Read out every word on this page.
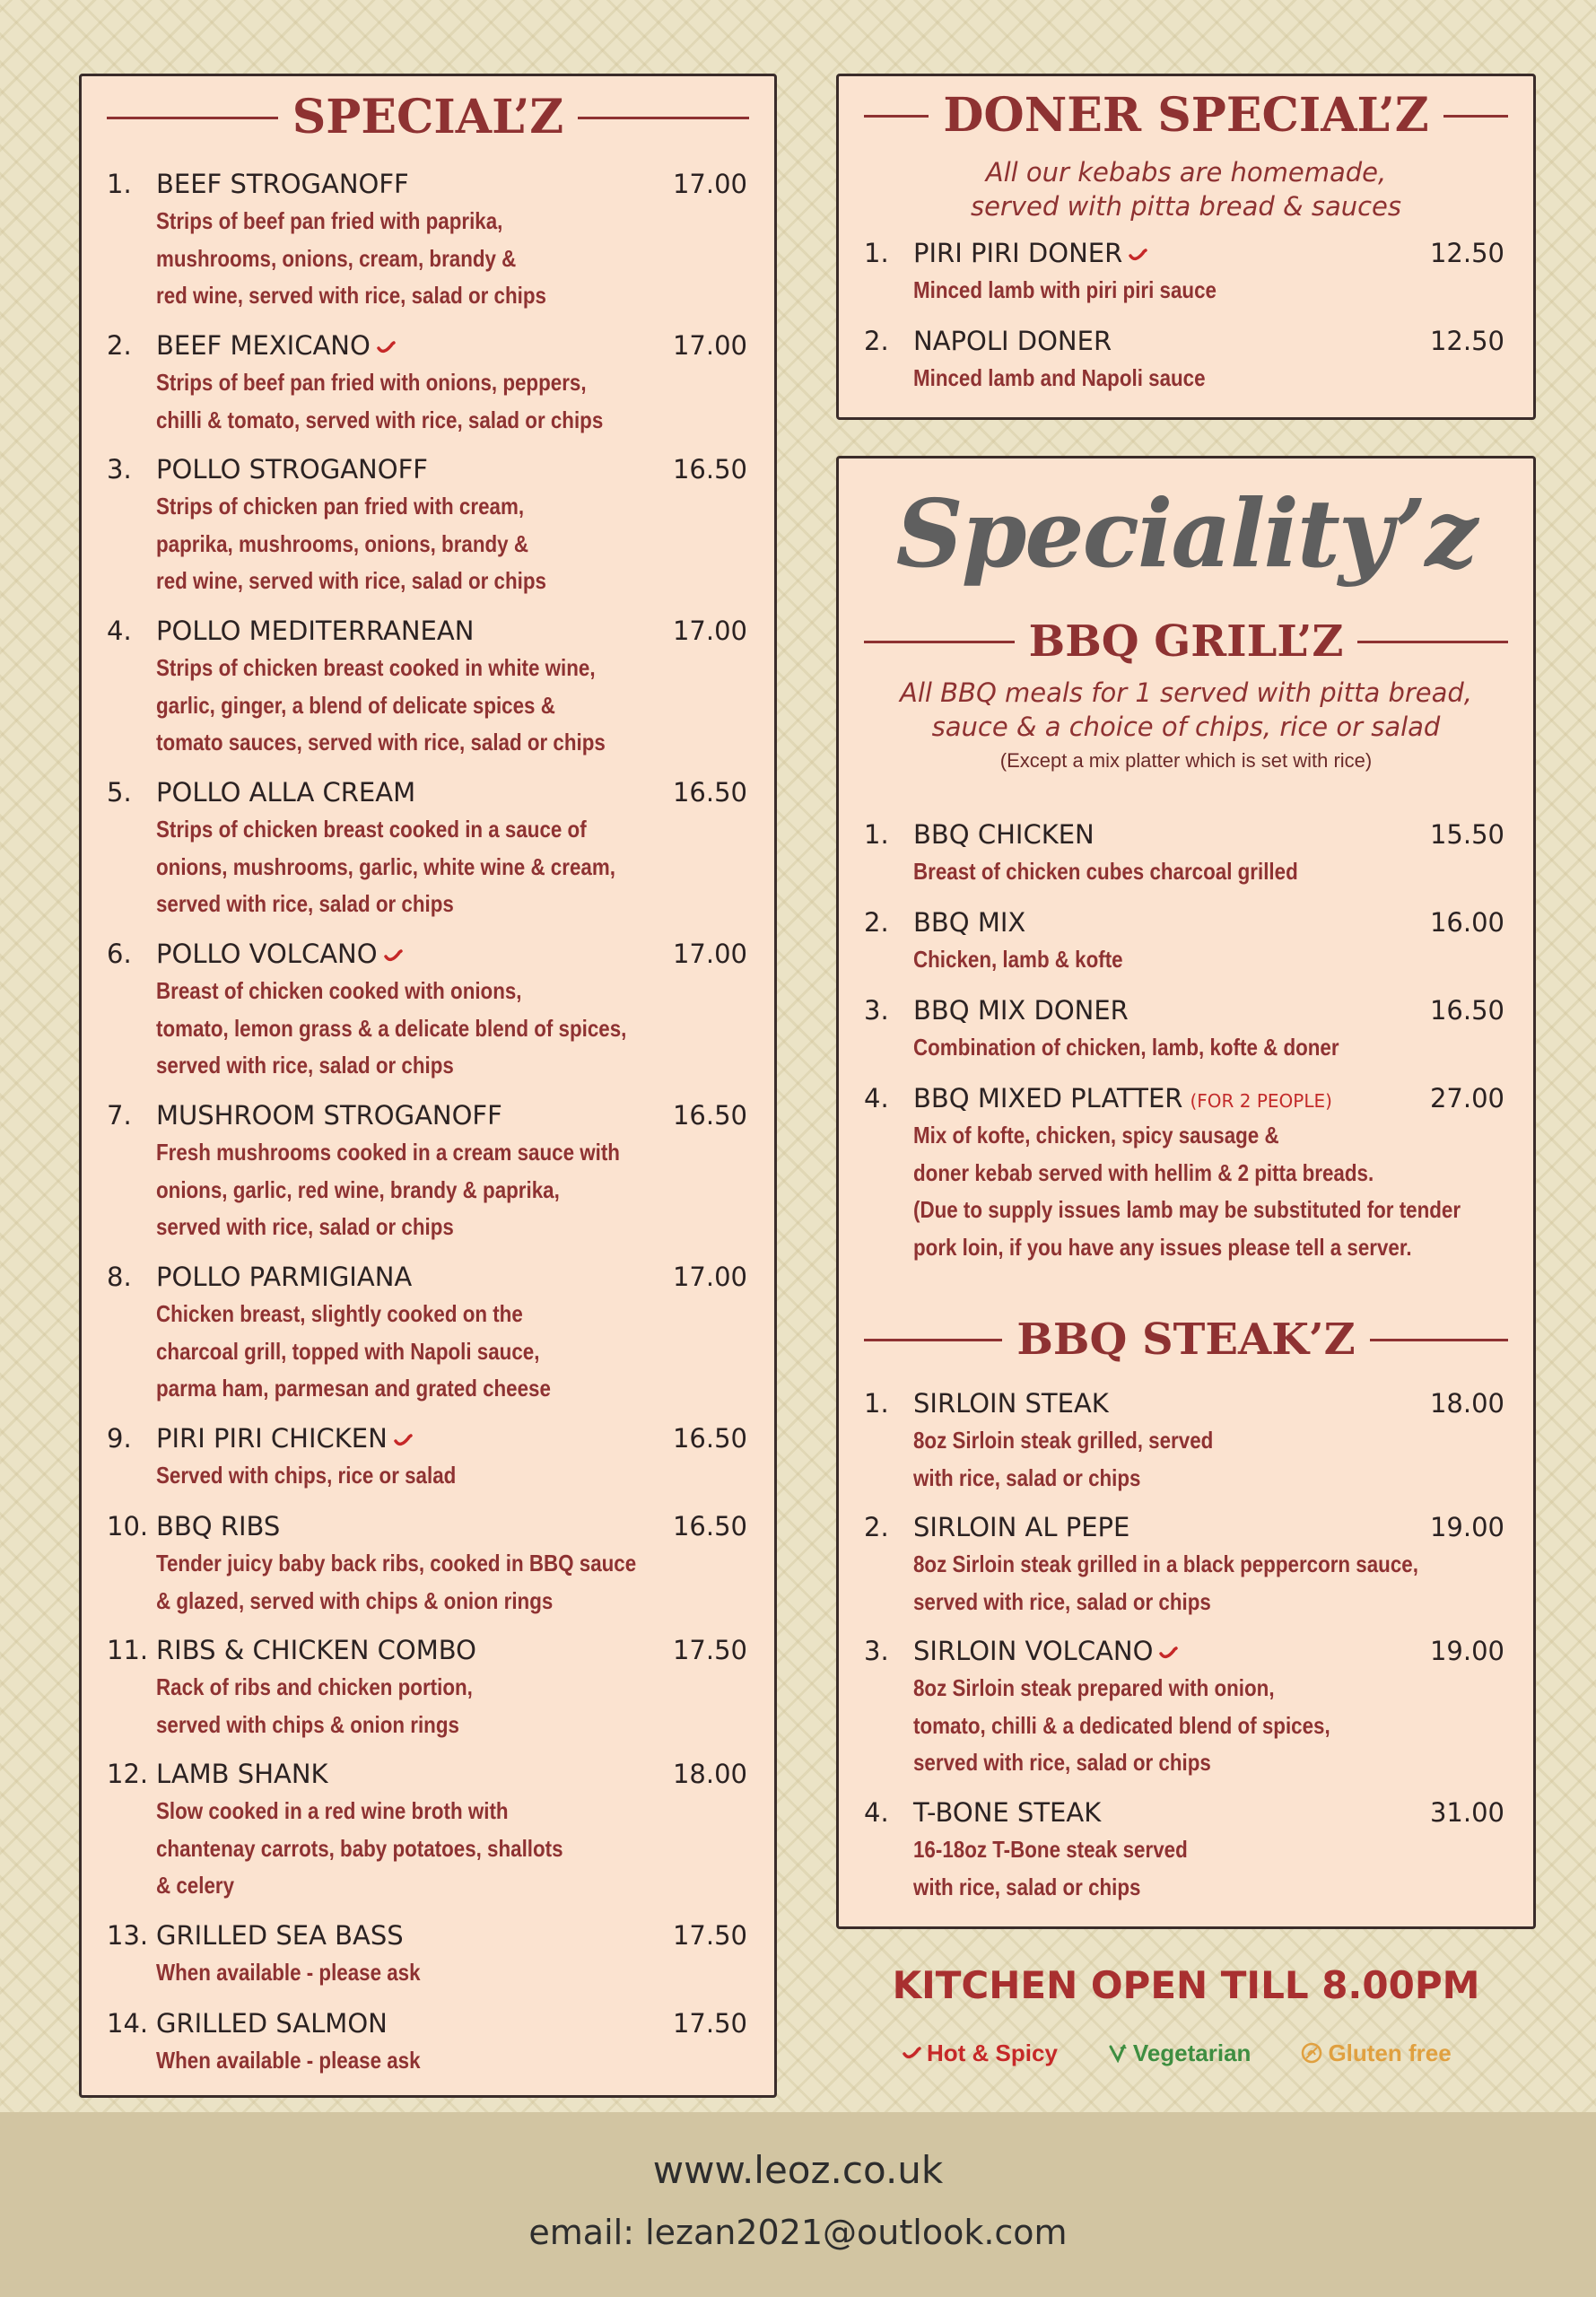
SPECIAL’Z
1. BEEF STROGANOFF	17.00
Strips of beef pan fried with paprika,
mushrooms, onions, cream, brandy &
red wine, served with rice, salad or chips
2. BEEF MEXICANO	17.00
Strips of beef pan fried with onions, peppers,
chilli & tomato, served with rice, salad or chips
3. POLLO STROGANOFF	16.50
Strips of chicken pan fried with cream,
paprika, mushrooms, onions, brandy &
red wine, served with rice, salad or chips
4. POLLO MEDITERRANEAN	17.00
Strips of chicken breast cooked in white wine,
garlic, ginger, a blend of delicate spices &
tomato sauces, served with rice, salad or chips
5. POLLO ALLA CREAM	16.50
Strips of chicken breast cooked in a sauce of
onions, mushrooms, garlic, white wine & cream,
served with rice, salad or chips
6. POLLO VOLCANO	17.00
Breast of chicken cooked with onions,
tomato, lemon grass & a delicate blend of spices,
served with rice, salad or chips
7. MUSHROOM STROGANOFF	16.50
Fresh mushrooms cooked in a cream sauce with
onions, garlic, red wine, brandy & paprika,
served with rice, salad or chips
8. POLLO PARMIGIANA	17.00
Chicken breast, slightly cooked on the
charcoal grill, topped with Napoli sauce,
parma ham, parmesan and grated cheese
9. PIRI PIRI CHICKEN	16.50
Served with chips, rice or salad
10. BBQ RIBS	16.50
Tender juicy baby back ribs, cooked in BBQ sauce
& glazed, served with chips & onion rings
11. RIBS & CHICKEN COMBO	17.50
Rack of ribs and chicken portion,
served with chips & onion rings
12. LAMB SHANK	18.00
Slow cooked in a red wine broth with
chantenay carrots, baby potatoes, shallots
& celery
13. GRILLED SEA BASS	17.50
When available - please ask
14. GRILLED SALMON	17.50
When available - please ask
DONER SPECIAL’Z
All our kebabs are homemade,
served with pitta bread & sauces
1. PIRI PIRI DONER	12.50
Minced lamb with piri piri sauce
2. NAPOLI DONER	12.50
Minced lamb and Napoli sauce
Speciality’z
BBQ GRILL’Z
All BBQ meals for 1 served with pitta bread,
sauce & a choice of chips, rice or salad
(Except a mix platter which is set with rice)
1. BBQ CHICKEN	15.50
Breast of chicken cubes charcoal grilled
2. BBQ MIX	16.00
Chicken, lamb & kofte
3. BBQ MIX DONER	16.50
Combination of chicken, lamb, kofte & doner
4. BBQ MIXED PLATTER (FOR 2 PEOPLE)	27.00
Mix of kofte, chicken, spicy sausage &
doner kebab served with hellim & 2 pitta breads.
(Due to supply issues lamb may be substituted for tender
pork loin, if you have any issues please tell a server.
BBQ STEAK’Z
1. SIRLOIN STEAK	18.00
8oz Sirloin steak grilled, served
with rice, salad or chips
2. SIRLOIN AL PEPE	19.00
8oz Sirloin steak grilled in a black peppercorn sauce,
served with rice, salad or chips
3. SIRLOIN VOLCANO	19.00
8oz Sirloin steak prepared with onion,
tomato, chilli & a dedicated blend of spices,
served with rice, salad or chips
4. T-BONE STEAK	31.00
16-18oz T-Bone steak served
with rice, salad or chips
KITCHEN OPEN TILL 8.00PM
Hot & Spicy	Vegetarian	Gluten free
www.leoz.co.uk
email: lezan2021@outlook.com
